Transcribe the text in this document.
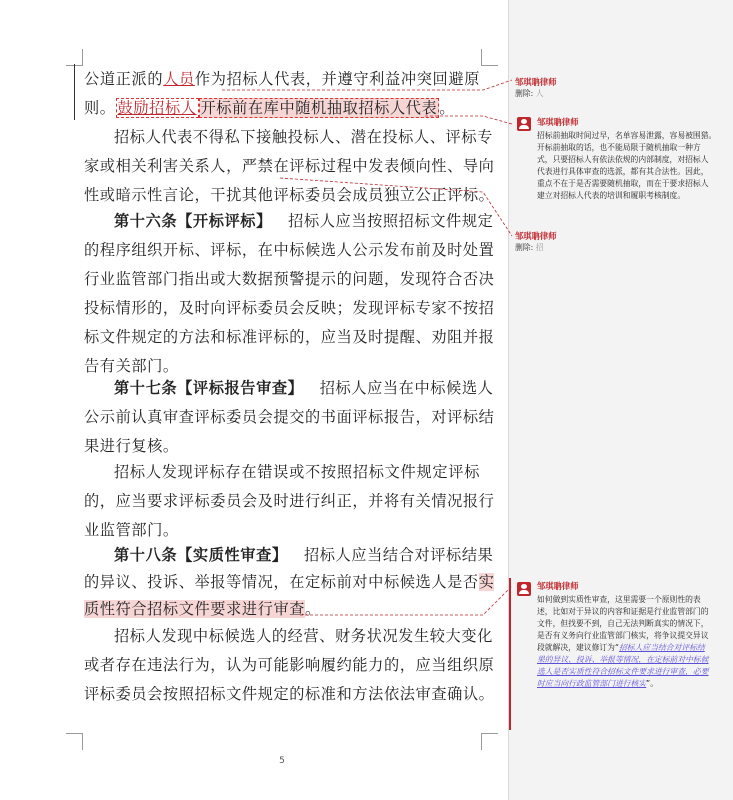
公道正派的人员作为招标人代表，并遵守利益冲突回避原
则。 鼓励招标人 开标前在库中随机抽取招标人代表 。
招标人代表不得私下接触投标人、潜在投标人、评标专
家或相关利害关系人，严禁在评标过程中发表倾向性、导向
性或暗示性言论，干扰其他评标委员会成员独立公正评标。
第十六条【开标评标】 招标人应当按照招标文件规定
的程序组织开标、评标，在中标候选人公示发布前及时处置
行业监管部门指出或大数据预警提示的问题，发现符合否决
投标情形的，及时向评标委员会反映；发现评标专家不按招
标文件规定的方法和标准评标的，应当及时提醒、劝阻并报
告有关部门。
第十七条【评标报告审查】 招标人应当在中标候选人
公示前认真审查评标委员会提交的书面评标报告，对评标结
果进行复核。
招标人发现评标存在错误或不按照招标文件规定评标
的，应当要求评标委员会及时进行纠正，并将有关情况报行
业监管部门。
第十八条【实质性审查】 招标人应当结合对评标结果
的异议、投诉、举报等情况，在定标前对中标候选人是否实
质性符合招标文件要求进行审查。
招标人发现中标候选人的经营、财务状况发生较大变化
或者存在违法行为，认为可能影响履约能力的，应当组织原
评标委员会按照招标文件规定的标准和方法依法审查确认。
5
邹琪聃律师
删除: 人
邹琪聃律师
招标前抽取时间过早，名单容易泄露，容易被围猎。
开标前抽取的话，也不能局限于随机抽取一种方
式，只要招标人有依法依规的内部制度，对招标人
代表进行具体审查的选派，都有其合法性。因此，
重点不在于是否需要随机抽取，而在于要求招标人
建立对招标人代表的培训和履职考核制度。
邹琪聃律师
删除: 招
邹琪聃律师
如何做到实质性审查，这里需要一个原则性的表
述，比如对于异议的内容和证据是行业监管部门的
文件，但找要不到，自己无法判断真实的情况下，
是否有义务向行业监管部门核实，将争议提交异议
段就解决，建议修订为“招标人应当结合对评标结
果的异议、投诉、举报等情况，在定标前对中标候
选人是否实质性符合招标文件要求进行审查，必要
时应当向行政监管部门进行核实”。
